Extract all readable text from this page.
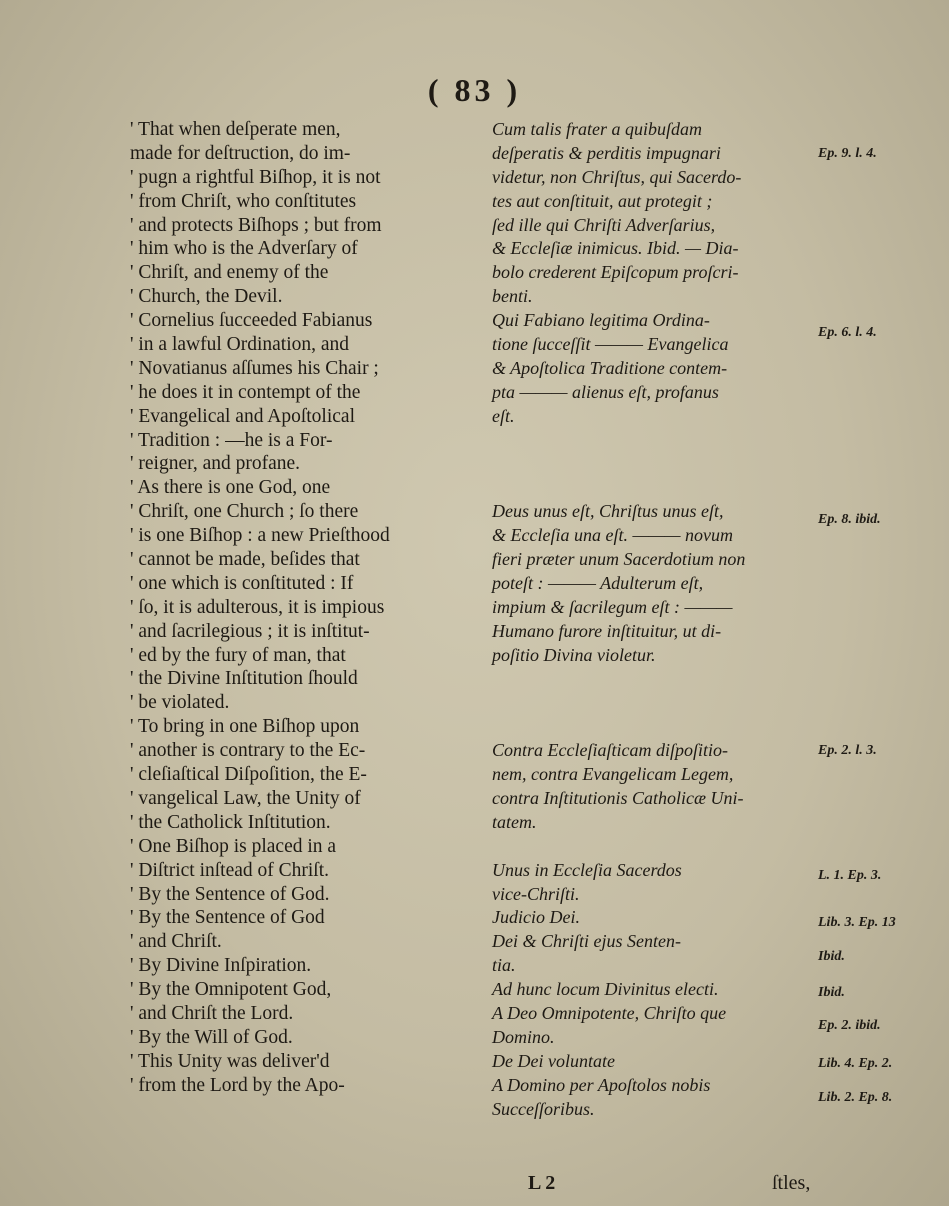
( 83 )
' That when deſperate men,
made for deſtruction, do im-
' pugn a rightful Biſhop, it is not
' from Chriſt, who conſtitutes
' and protects Biſhops ; but from
' him who is the Adverſary of
' Chriſt, and enemy of the
' Church, the Devil.
' Cornelius ſucceeded Fabianus
' in a lawful Ordination, and
' Novatianus aſſumes his Chair ;
' he does it in contempt of the
' Evangelical and Apoſtolical
' Tradition : —he is a For-
' reigner, and profane.
' As there is one God, one
' Chriſt, one Church ; ſo there
' is one Biſhop : a new Prieſthood
' cannot be made, beſides that
' one which is conſtituted : If
' ſo, it is adulterous, it is impious
' and ſacrilegious ; it is inſtitut-
' ed by the fury of man, that
' the Divine Inſtitution ſhould
' be violated.
' To bring in one Biſhop upon
' another is contrary to the Ec-
' cleſiaſtical Diſpoſition, the E-
' vangelical Law, the Unity of
' the Catholick Inſtitution.
' One Biſhop is placed in a
' Diſtrict inſtead of Chriſt.
' By the Sentence of God.
' By the Sentence of God
' and Chriſt.
' By Divine Inſpiration.
' By the Omnipotent God,
' and Chriſt the Lord.
' By the Will of God.
' This Unity was deliver'd
' from the Lord by the Apo-
Cum talis frater a quibuſdam
deſperatis & perditis impugnari
videtur, non Chriſtus, qui Sacerdo-
tes aut conſtituit, aut protegit ;
ſed ille qui Chriſti Adverſarius,
& Eccleſiæ inimicus. Ibid. — Dia-
bolo crederent Epiſcopum proſcri-
benti.
Qui Fabiano legitima Ordina-
tione ſucceſſit ——— Evangelica
& Apoſtolica Traditione contem-
pta ——— alienus eſt, profanus
eſt.
Deus unus eſt, Chriſtus unus eſt,
& Eccleſia una eſt. ——— novum
fieri præter unum Sacerdotium non
poteſt : ——— Adulterum eſt,
impium & ſacrilegum eſt : ———
Humano furore inſtituitur, ut di-
poſitio Divina violetur.
Contra Eccleſiaſticam diſpoſitio-
nem, contra Evangelicam Legem,
contra Inſtitutionis Catholicæ Uni-
tatem.
Unus in Eccleſia Sacerdos
vice-Chriſti.
Judicio Dei.
Dei & Chriſti ejus Senten-
tia.
Ad hunc locum Divinitus electi.
A Deo Omnipotente, Chriſto que
Domino.
De Dei voluntate
A Domino per Apoſtolos nobis
Succeſſoribus.
Ep. 9. l. 4.
Ep. 6. l. 4.
Ep. 8. ibid.
Ep. 2. l. 3.
L. 1. Ep. 3.
Lib. 3. Ep. 13
Ibid.
Ibid.
Ep. 2. ibid.
Lib. 4. Ep. 2.
Lib. 2. Ep. 8.
L 2	ſtles,
